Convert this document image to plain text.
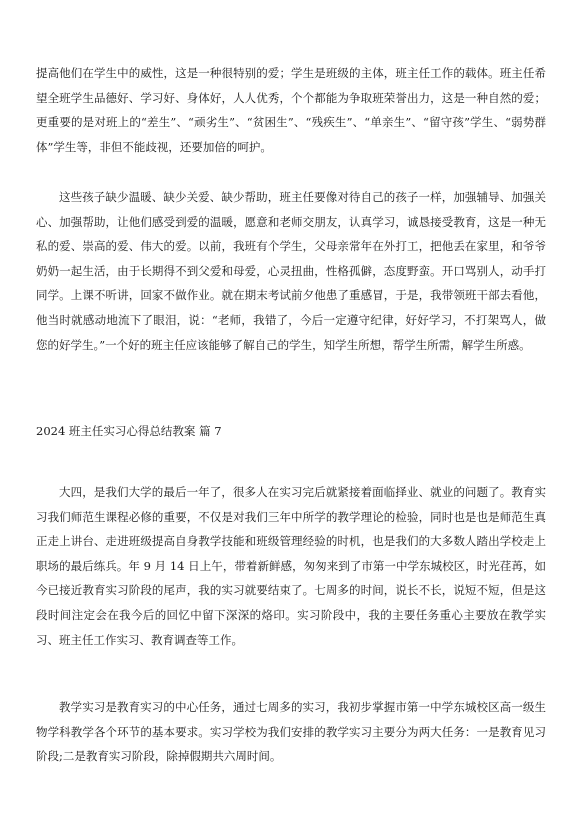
提高他们在学生中的威性，这是一种很特别的爱；学生是班级的主体，班主任工作的载体。班主任希望全班学生品德好、学习好、身体好，人人优秀，个个都能为争取班荣誉出力，这是一种自然的爱；更重要的是对班上的“差生”、“顽劣生”、“贫困生”、“残疾生”、“单亲生”、“留守孩”学生、“弱势群体”学生等，非但不能歧视，还要加倍的呵护。

这些孩子缺少温暖、缺少关爱、缺少帮助，班主任要像对待自己的孩子一样，加强辅导、加强关心、加强帮助，让他们感受到爱的温暖，愿意和老师交朋友，认真学习，诚恳接受教育，这是一种无私的爱、崇高的爱、伟大的爱。以前，我班有个学生，父母亲常年在外打工，把他丢在家里，和爷爷奶奶一起生活，由于长期得不到父爱和母爱，心灵扭曲，性格孤僻，态度野蛮。开口骂别人，动手打同学。上课不听讲，回家不做作业。就在期末考试前夕他患了重感冒，于是，我带领班干部去看他，他当时就感动地流下了眼泪，说：“老师，我错了，今后一定遵守纪律，好好学习，不打架骂人，做您的好学生。”一个好的班主任应该能够了解自己的学生，知学生所想，帮学生所需，解学生所惑。

大四，是我们大学的最后一年了，很多人在实习完后就紧接着面临择业、就业的问题了。教育实习我们师范生课程必修的重要，不仅是对我们三年中所学的教学理论的检验，同时也是也是师范生真正走上讲台、走进班级提高自身教学技能和班级管理经验的时机，也是我们的大多数人踏出学校走上职场的最后练兵。年 9 月 14 日上午，带着新鲜感，匆匆来到了市第一中学东城校区，时光荏苒，如今已接近教育实习阶段的尾声，我的实习就要结束了。七周多的时间，说长不长，说短不短，但是这段时间注定会在我今后的回忆中留下深深的烙印。实习阶段中，我的主要任务重心主要放在教学实习、班主任工作实习、教育调查等工作。

教学实习是教育实习的中心任务，通过七周多的实习，我初步掌握市第一中学东城校区高一级生物学科教学各个环节的基本要求。实习学校为我们安排的教学实习主要分为两大任务：一是教育见习阶段;二是教育实习阶段，除掉假期共六周时间。

2024 班主任实习心得总结教案 篇 7
